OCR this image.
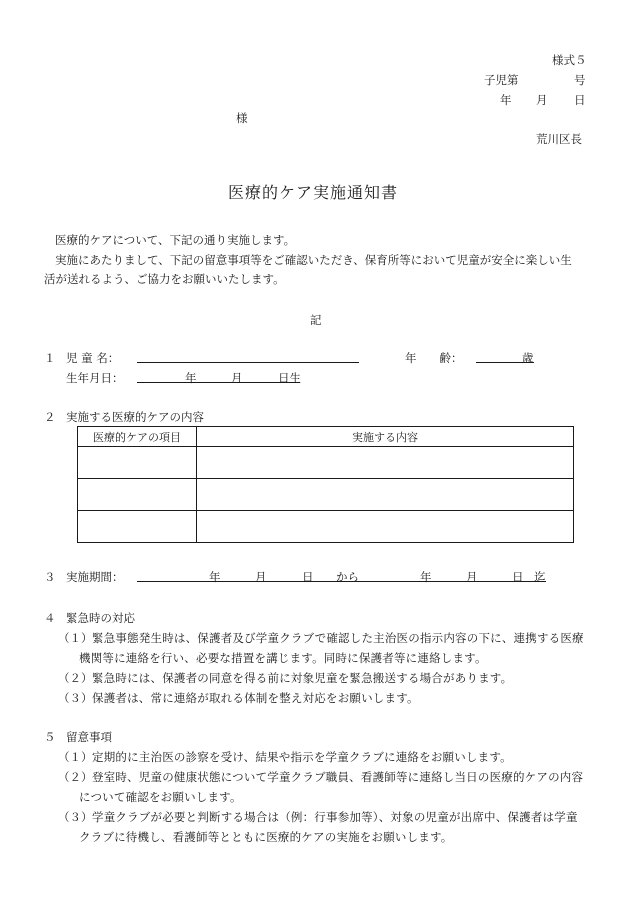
様式５
子児第	号
年 月 日
様
荒川区長
医療的ケア実施通知書
医療的ケアについて、下記の通り実施します。
実施にあたりまして、下記の留意事項等をご確認いただき、保育所等において児童が安全に楽しい生
活が送れるよう、ご協力をお願いいたします。
記
１ 児 童 名：	年　　齢：	歳
生年月日：	年	月	日生
２ 実施する医療的ケアの内容
医療的ケアの項目	実施する内容

３ 実施期間：	年	月	日 から	年	月	日 迄
４ 緊急時の対応
（１） 緊急事態発生時は、保護者及び学童クラブで確認した主治医の指示内容の下に、連携する医療
機関等に連絡を行い、必要な措置を講じます。同時に保護者等に連絡します。
（２） 緊急時には、保護者の同意を得る前に対象児童を緊急搬送する場合があります。
（３） 保護者は、常に連絡が取れる体制を整え対応をお願いします。
５ 留意事項
（１） 定期的に主治医の診察を受け、結果や指示を学童クラブに連絡をお願いします。
（２） 登室時、児童の健康状態について学童クラブ職員、看護師等に連絡し当日の医療的ケアの内容
について確認をお願いします。
（３） 学童クラブが必要と判断する場合は（例：行事参加等）、対象の児童が出席中、保護者は学童
クラブに待機し、看護師等とともに医療的ケアの実施をお願いします。
